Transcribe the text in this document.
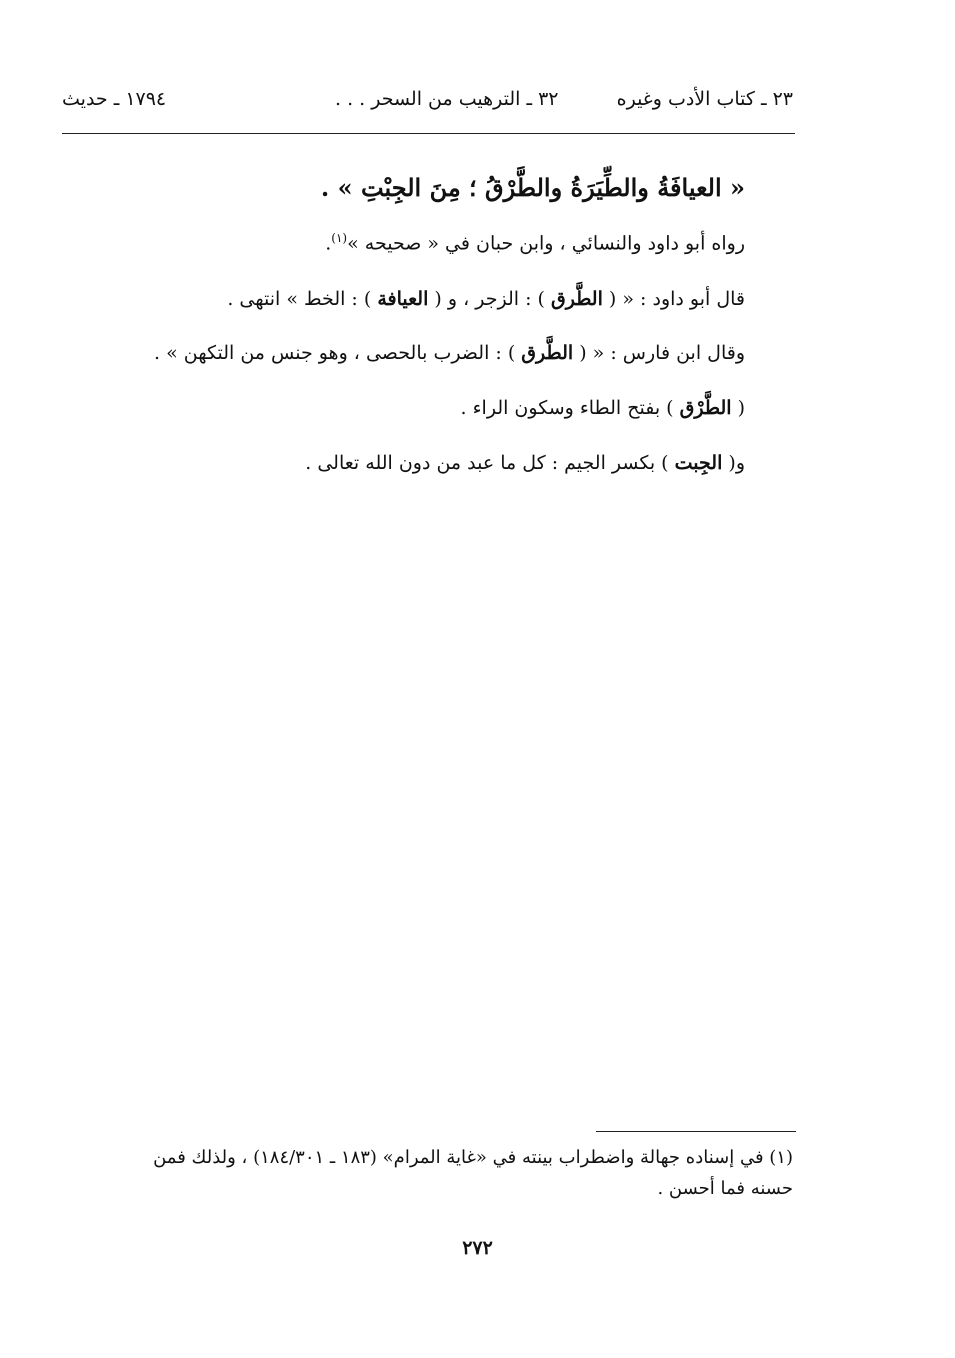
٢٣ ـ كتاب الأدب وغيره
٣٢ ـ الترهيب من السحر . . .
١٧٩٤ ـ حديث
« العيافَةُ والطِّيَرَةُ والطَّرْقُ ؛ مِنَ الجِبْتِ » .
رواه أبو داود والنسائي ، وابن حبان في « صحيحه »$^{(١)}$.
قال أبو داود : « ( الطَّرق ) : الزجر ، و ( العيافة ) : الخط » انتهى .
وقال ابن فارس : « ( الطَّرق ) : الضرب بالحصى ، وهو جنس من التكهن » .
( الطَّرْق ) بفتح الطاء وسكون الراء .
و( الجِبت ) بكسر الجيم : كل ما عبد من دون الله تعالى .
(١) في إسناده جهالة واضطراب بينته في «غاية المرام» (١٨٣ ـ ١٨٤/٣٠١) ، ولذلك فمن
حسنه فما أحسن .
٢٧٢
